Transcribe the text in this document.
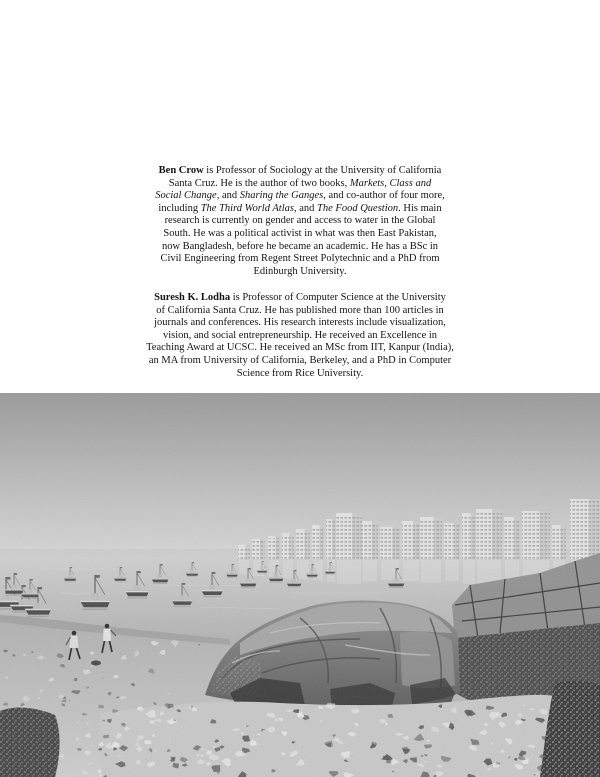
Ben Crow is Professor of Sociology at the University of California
Santa Cruz. He is the author of two books, Markets, Class and
Social Change, and Sharing the Ganges, and co-author of four more,
including The Third World Atlas, and The Food Question. His main
research is currently on gender and access to water in the Global
South. He was a political activist in what was then East Pakistan,
now Bangladesh, before he became an academic. He has a BSc in
Civil Engineering from Regent Street Polytechnic and a PhD from
Edinburgh University.
Suresh K. Lodha is Professor of Computer Science at the University
of California Santa Cruz. He has published more than 100 articles in
journals and conferences. His research interests include visualization,
vision, and social entrepreneurship. He received an Excellence in
Teaching Award at UCSC. He received an MSc from IIT, Kanpur (India),
an MA from University of California, Berkeley, and a PhD in Computer
Science from Rice University.
